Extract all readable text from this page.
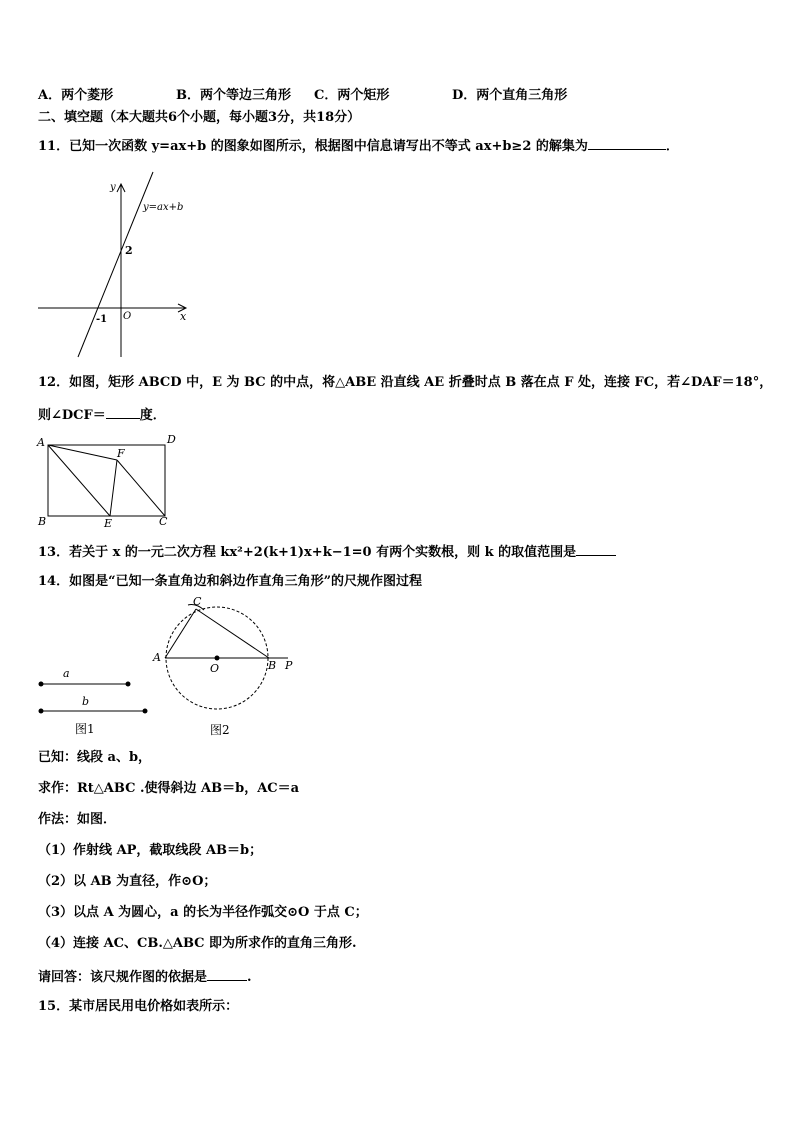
A．两个菱形	B．两个等边三角形 C．两个矩形	D．两个直角三角形
二、填空题（本大题共6个小题，每小题3分，共18分）
11．已知一次函数 y=ax+b 的图象如图所示，根据图中信息请写出不等式 ax+b≥2 的解集为	．
y
x
y=ax+b
2
-1 O
12．如图，矩形 ABCD 中，E 为 BC 的中点，将△ABE 沿直线 AE 折叠时点 B 落在点 F 处，连接 FC，若∠DAF＝18°，
则∠DCF＝	度．
A	D
B	E	C
F
13．若关于 x 的一元二次方程 kx²+2(k+1)x+k−1=0 有两个实数根，则 k 的取值范围是
14．如图是“已知一条直角边和斜边作直角三角形”的尺规作图过程
a
b
图1
C
A
O	B P
图2
已知：线段 a、b，
求作：Rt△ABC .使得斜边 AB＝b，AC＝a
作法：如图．
（1）作射线 AP，截取线段 AB＝b；
（2）以 AB 为直径，作⊙O；
（3）以点 A 为圆心，a 的长为半径作弧交⊙O 于点 C；
（4）连接 AC、CB.△ABC 即为所求作的直角三角形.
请回答：该尺规作图的依据是	.
15．某市居民用电价格如表所示：
